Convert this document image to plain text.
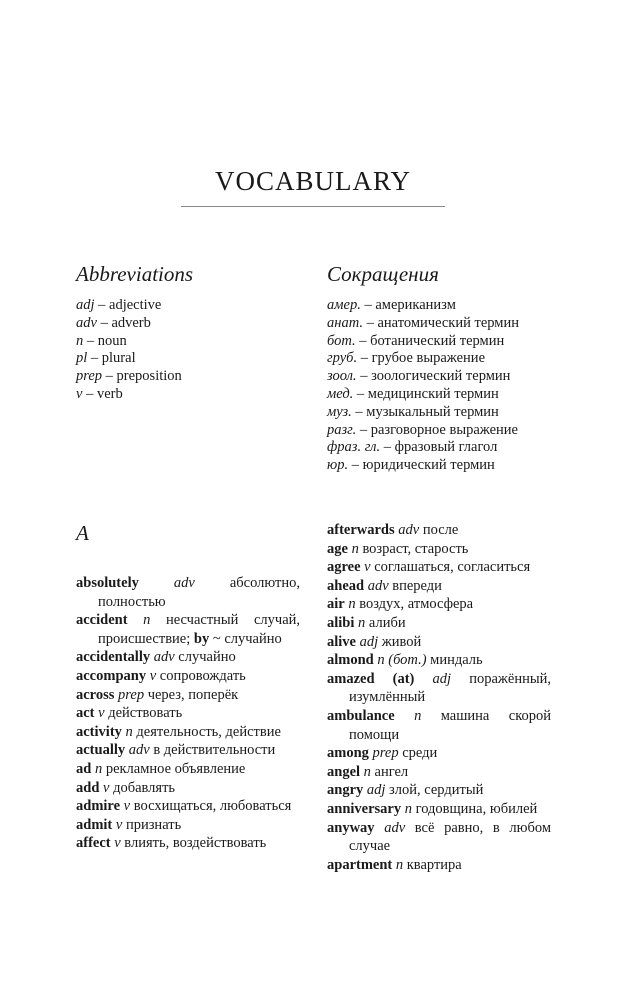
VOCABULARY
Abbreviations
adj – adjective
adv – adverb
n – noun
pl – plural
prep – preposition
v – verb
Сокращения
амер. – американизм
анат. – анатомический термин
бот. – ботанический термин
груб. – грубое выражение
зоол. – зоологический термин
мед. – медицинский термин
муз. – музыкальный термин
разг. – разговорное выражение
фраз. гл. – фразовый глагол
юр. – юридический термин
A
absolutely adv абсолютно, полностью
accident n несчастный случай, происшествие; by ~ случайно
accidentally adv случайно
accompany v сопровождать
across prep через, поперёк
act v действовать
activity n деятельность, действие
actually adv в действительности
ad n рекламное объявление
add v добавлять
admire v восхищаться, любоваться
admit v признать
affect v влиять, воздействовать
afterwards adv после
age n возраст, старость
agree v соглашаться, соглаcиться
ahead adv впереди
air n воздух, атмосфера
alibi n алиби
alive adj живой
almond n (бот.) миндаль
amazed (at) adj поражённый, изумлённый
ambulance n машина скорой помощи
among prep среди
angel n ангел
angry adj злой, сердитый
anniversary n годовщина, юбилей
anyway adv всё равно, в любом случае
apartment n квартира
